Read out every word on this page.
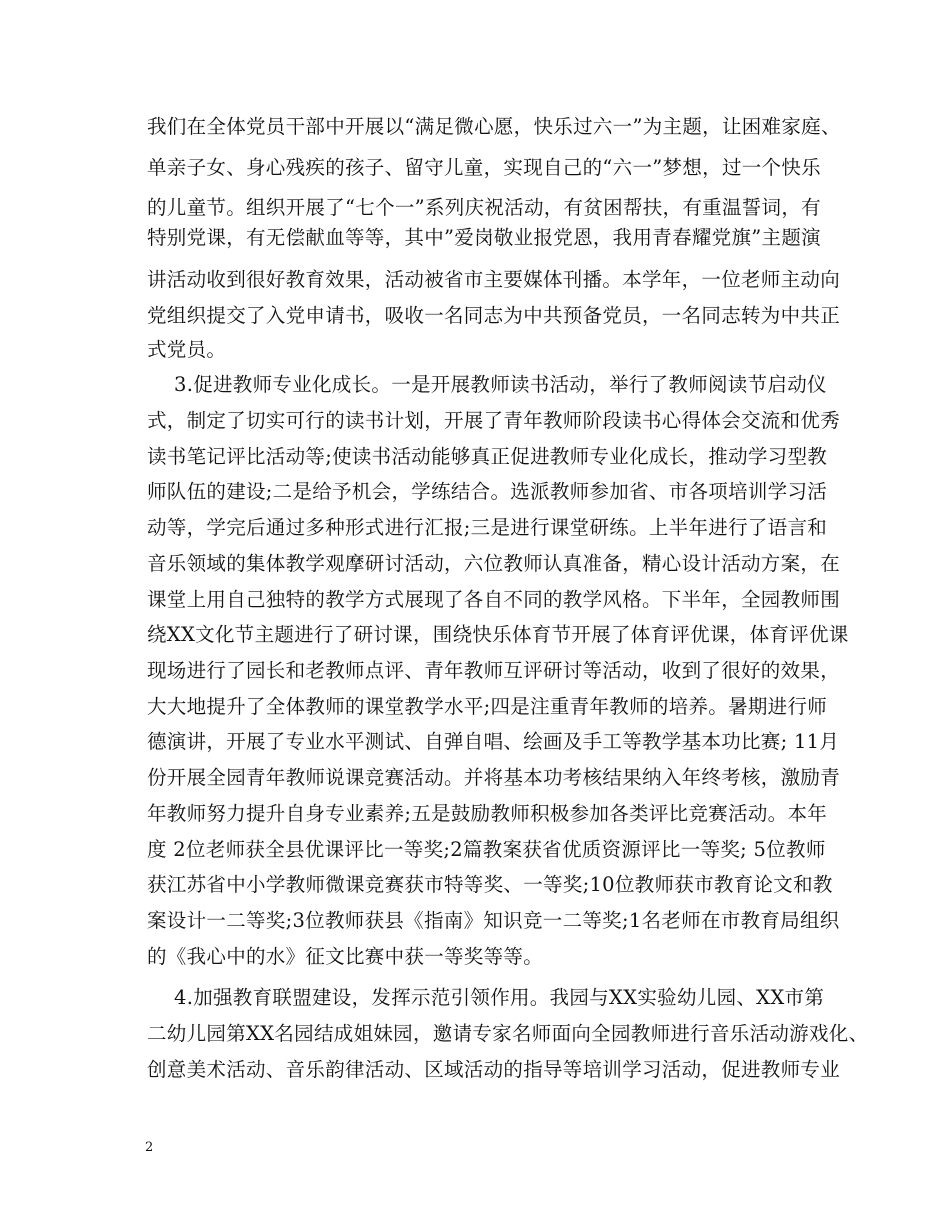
我们在全体党员干部中开展以“满足微心愿，快乐过六一”为主题，让困难家庭、
单亲子女、身心残疾的孩子、留守儿童，实现自己的“六一”梦想，过一个快乐
的儿童节。组织开展了“七个一”系列庆祝活动，有贫困帮扶，有重温誓词，有
特别党课，有无偿献血等等，其中”爱岗敬业报党恩，我用青春耀党旗”主题演
讲活动收到很好教育效果，活动被省市主要媒体刊播。本学年，一位老师主动向
党组织提交了入党申请书，吸收一名同志为中共预备党员，一名同志转为中共正
式党员。
3.促进教师专业化成长。一是开展教师读书活动，举行了教师阅读节启动仪
式，制定了切实可行的读书计划，开展了青年教师阶段读书心得体会交流和优秀
读书笔记评比活动等;使读书活动能够真正促进教师专业化成长，推动学习型教
师队伍的建设;二是给予机会，学练结合。选派教师参加省、市各项培训学习活
动等，学完后通过多种形式进行汇报;三是进行课堂研练。上半年进行了语言和
音乐领域的集体教学观摩研讨活动，六位教师认真准备，精心设计活动方案，在
课堂上用自己独特的教学方式展现了各自不同的教学风格。下半年，全园教师围
绕XX文化节主题进行了研讨课，围绕快乐体育节开展了体育评优课，体育评优课
现场进行了园长和老教师点评、青年教师互评研讨等活动，收到了很好的效果，
大大地提升了全体教师的课堂教学水平;四是注重青年教师的培养。暑期进行师
德演讲，开展了专业水平测试、自弹自唱、绘画及手工等教学基本功比赛; 11月
份开展全园青年教师说课竞赛活动。并将基本功考核结果纳入年终考核，激励青
年教师努力提升自身专业素养;五是鼓励教师积极参加各类评比竞赛活动。本年
度 2位老师获全县优课评比一等奖;2篇教案获省优质资源评比一等奖; 5位教师
获江苏省中小学教师微课竞赛获市特等奖、一等奖;10位教师获市教育论文和教
案设计一二等奖;3位教师获县《指南》知识竞一二等奖;1名老师在市教育局组织
的《我心中的水》征文比赛中获一等奖等等。
4.加强教育联盟建设，发挥示范引领作用。我园与XX实验幼儿园、XX市第
二幼儿园第XX名园结成姐妹园，邀请专家名师面向全园教师进行音乐活动游戏化、
创意美术活动、音乐韵律活动、区域活动的指导等培训学习活动，促进教师专业
2
